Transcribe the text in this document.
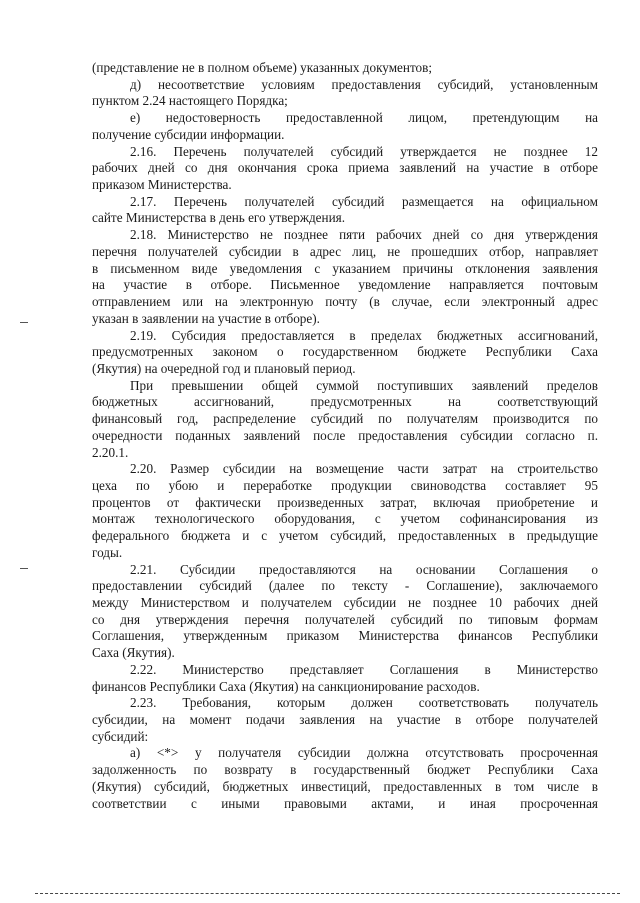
(представление не в полном объеме) указанных документов;
д) несоответствие условиям предоставления субсидий, установленным
пунктом 2.24 настоящего Порядка;
е) недостоверность предоставленной лицом, претендующим на
получение субсидии информации.
2.16. Перечень получателей субсидий утверждается не позднее 12
рабочих дней со дня окончания срока приема заявлений на участие в отборе
приказом Министерства.
2.17. Перечень получателей субсидий размещается на официальном
сайте Министерства в день его утверждения.
2.18. Министерство не позднее пяти рабочих дней со дня утверждения
перечня получателей субсидии в адрес лиц, не прошедших отбор, направляет
в письменном виде уведомления с указанием причины отклонения заявления
на участие в отборе. Письменное уведомление направляется почтовым
отправлением или на электронную почту (в случае, если электронный адрес
указан в заявлении на участие в отборе).
2.19. Субсидия предоставляется в пределах бюджетных ассигнований,
предусмотренных законом о государственном бюджете Республики Саха
(Якутия) на очередной год и плановый период.
При превышении общей суммой поступивших заявлений пределов
бюджетных ассигнований, предусмотренных на соответствующий
финансовый год, распределение субсидий по получателям производится по
очередности поданных заявлений после предоставления субсидии согласно п.
2.20.1.
2.20. Размер субсидии на возмещение части затрат на строительство
цеха по убою и переработке продукции свиноводства составляет 95
процентов от фактически произведенных затрат, включая приобретение и
монтаж технологического оборудования, с учетом софинансирования из
федерального бюджета и с учетом субсидий, предоставленных в предыдущие
годы.
2.21. Субсидии предоставляются на основании Соглашения о
предоставлении субсидий (далее по тексту - Соглашение), заключаемого
между Министерством и получателем субсидии не позднее 10 рабочих дней
со дня утверждения перечня получателей субсидий по типовым формам
Соглашения, утвержденным приказом Министерства финансов Республики
Саха (Якутия).
2.22. Министерство представляет Соглашения в Министерство
финансов Республики Саха (Якутия) на санкционирование расходов.
2.23. Требования, которым должен соответствовать получатель
субсидии, на момент подачи заявления на участие в отборе получателей
субсидий:
а) <*> у получателя субсидии должна отсутствовать просроченная
задолженность по возврату в государственный бюджет Республики Саха
(Якутия) субсидий, бюджетных инвестиций, предоставленных в том числе в
соответствии с иными правовыми актами, и иная просроченная
